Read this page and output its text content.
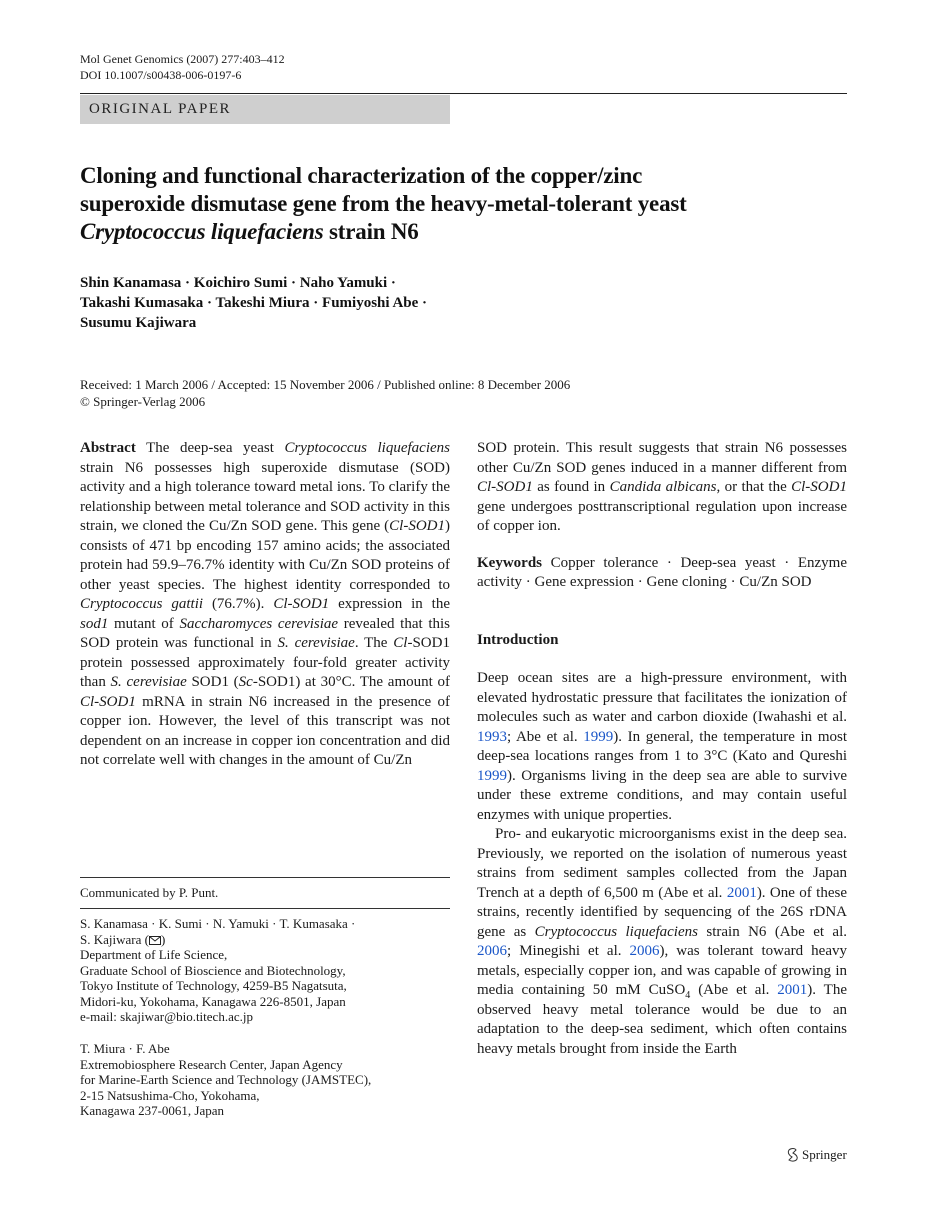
Mol Genet Genomics (2007) 277:403–412
DOI 10.1007/s00438-006-0197-6
ORIGINAL PAPER
Cloning and functional characterization of the copper/zinc
superoxide dismutase gene from the heavy-metal-tolerant yeast
Cryptococcus liquefaciens strain N6
Shin Kanamasa · Koichiro Sumi · Naho Yamuki ·
Takashi Kumasaka · Takeshi Miura · Fumiyoshi Abe ·
Susumu Kajiwara
Received: 1 March 2006 / Accepted: 15 November 2006 / Published online: 8 December 2006
© Springer-Verlag 2006

Abstract The deep-sea yeast Cryptococcus liquefaciens strain N6 possesses high superoxide dismutase (SOD) activity and a high tolerance toward metal ions. To clarify the relationship between metal tolerance and SOD activity in this strain, we cloned the Cu/Zn SOD gene. This gene (Cl-SOD1) consists of 471 bp encoding 157 amino acids; the associated protein had 59.9–76.7% identity with Cu/Zn SOD proteins of other yeast species. The highest identity corresponded to Cryptococcus gattii (76.7%). Cl-SOD1 expression in the sod1 mutant of Saccharomyces cerevisiae revealed that this SOD protein was functional in S. cerevisiae. The Cl-SOD1 protein possessed approximately four-fold greater activity than S. cerevisiae SOD1 (Sc-SOD1) at 30°C. The amount of Cl-SOD1 mRNA in strain N6 increased in the presence of copper ion. However, the level of this transcript was not dependent on an increase in copper ion concentration and did not correlate well with changes in the amount of Cu/Zn

Communicated by P. Punt.
S. Kanamasa · K. Sumi · N. Yamuki · T. Kumasaka ·
S. Kajiwara ( )
Department of Life Science,
Graduate School of Bioscience and Biotechnology,
Tokyo Institute of Technology, 4259-B5 Nagatsuta,
Midori-ku, Yokohama, Kanagawa 226-8501, Japan
e-mail: skajiwar@bio.titech.ac.jp
T. Miura · F. Abe
Extremobiosphere Research Center, Japan Agency
for Marine-Earth Science and Technology (JAMSTEC),
2-15 Natsushima-Cho, Yokohama,
Kanagawa 237-0061, Japan

SOD protein. This result suggests that strain N6 possesses other Cu/Zn SOD genes induced in a manner different from Cl-SOD1 as found in Candida albicans, or that the Cl-SOD1 gene undergoes posttranscriptional regulation upon increase of copper ion.

Keywords Copper tolerance · Deep-sea yeast · Enzyme activity · Gene expression · Gene cloning · Cu/Zn SOD

Introduction

Deep ocean sites are a high-pressure environment, with elevated hydrostatic pressure that facilitates the ionization of molecules such as water and carbon dioxide (Iwahashi et al. 1993; Abe et al. 1999). In general, the temperature in most deep-sea locations ranges from 1 to 3°C (Kato and Qureshi 1999). Organisms living in the deep sea are able to survive under these extreme conditions, and may contain useful enzymes with unique properties.

Pro- and eukaryotic microorganisms exist in the deep sea. Previously, we reported on the isolation of numerous yeast strains from sediment samples collected from the Japan Trench at a depth of 6,500 m (Abe et al. 2001). One of these strains, recently identified by sequencing of the 26S rDNA gene as Cryptococcus liquefaciens strain N6 (Abe et al. 2006; Minegishi et al. 2006), was tolerant toward heavy metals, especially copper ion, and was capable of growing in media containing 50 mM CuSO$_4$ (Abe et al. 2001). The observed heavy metal tolerance would be due to an adaptation to the deep-sea sediment, which often contains heavy metals brought from inside the Earth

Springer
